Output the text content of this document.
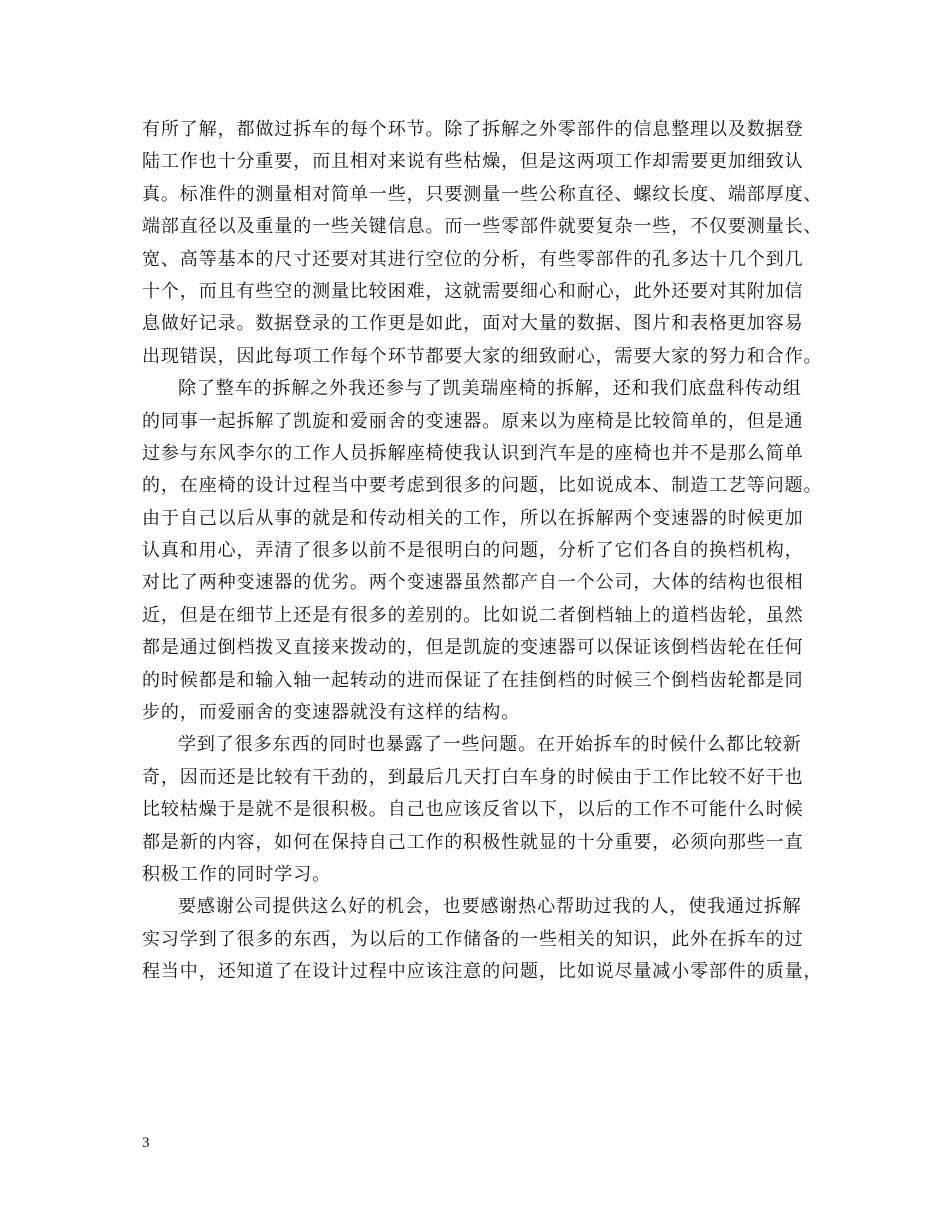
有所了解，都做过拆车的每个环节。除了拆解之外零部件的信息整理以及数据登
陆工作也十分重要，而且相对来说有些枯燥，但是这两项工作却需要更加细致认
真。标准件的测量相对简单一些，只要测量一些公称直径、螺纹长度、端部厚度、
端部直径以及重量的一些关键信息。而一些零部件就要复杂一些，不仅要测量长、
宽、高等基本的尺寸还要对其进行空位的分析，有些零部件的孔多达十几个到几
十个，而且有些空的测量比较困难，这就需要细心和耐心，此外还要对其附加信
息做好记录。数据登录的工作更是如此，面对大量的数据、图片和表格更加容易
出现错误，因此每项工作每个环节都要大家的细致耐心，需要大家的努力和合作。
除了整车的拆解之外我还参与了凯美瑞座椅的拆解，还和我们底盘科传动组
的同事一起拆解了凯旋和爱丽舍的变速器。原来以为座椅是比较简单的，但是通
过参与东风李尔的工作人员拆解座椅使我认识到汽车是的座椅也并不是那么简单
的，在座椅的设计过程当中要考虑到很多的问题，比如说成本、制造工艺等问题。
由于自己以后从事的就是和传动相关的工作，所以在拆解两个变速器的时候更加
认真和用心，弄清了很多以前不是很明白的问题，分析了它们各自的换档机构，
对比了两种变速器的优劣。两个变速器虽然都产自一个公司，大体的结构也很相
近，但是在细节上还是有很多的差别的。比如说二者倒档轴上的道档齿轮，虽然
都是通过倒档拨叉直接来拨动的，但是凯旋的变速器可以保证该倒档齿轮在任何
的时候都是和输入轴一起转动的进而保证了在挂倒档的时候三个倒档齿轮都是同
步的，而爱丽舍的变速器就没有这样的结构。
学到了很多东西的同时也暴露了一些问题。在开始拆车的时候什么都比较新
奇，因而还是比较有干劲的，到最后几天打白车身的时候由于工作比较不好干也
比较枯燥于是就不是很积极。自己也应该反省以下，以后的工作不可能什么时候
都是新的内容，如何在保持自己工作的积极性就显的十分重要，必须向那些一直
积极工作的同时学习。
要感谢公司提供这么好的机会，也要感谢热心帮助过我的人，使我通过拆解
实习学到了很多的东西，为以后的工作储备的一些相关的知识，此外在拆车的过
程当中，还知道了在设计过程中应该注意的问题，比如说尽量减小零部件的质量，
3
